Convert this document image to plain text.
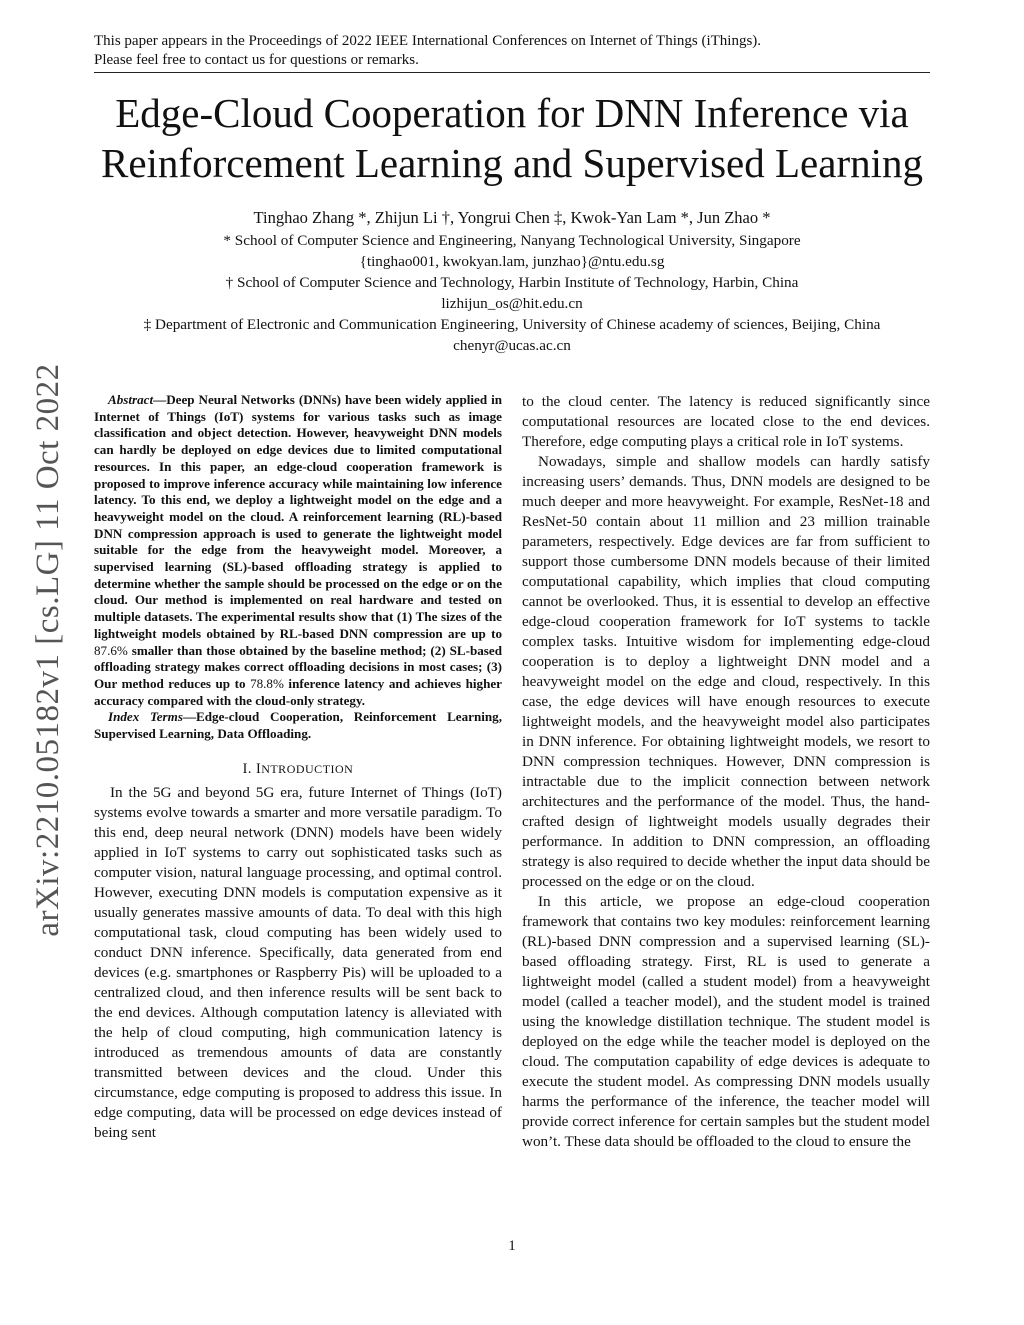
This paper appears in the Proceedings of 2022 IEEE International Conferences on Internet of Things (iThings).
Please feel free to contact us for questions or remarks.
Edge-Cloud Cooperation for DNN Inference via
Reinforcement Learning and Supervised Learning
Tinghao Zhang *, Zhijun Li †, Yongrui Chen ‡, Kwok-Yan Lam *, Jun Zhao *
* School of Computer Science and Engineering, Nanyang Technological University, Singapore
{tinghao001, kwokyan.lam, junzhao}@ntu.edu.sg
† School of Computer Science and Technology, Harbin Institute of Technology, Harbin, China
lizhijun_os@hit.edu.cn
‡ Department of Electronic and Communication Engineering, University of Chinese academy of sciences, Beijing, China
chenyr@ucas.ac.cn
arXiv:2210.05182v1 [cs.LG] 11 Oct 2022	Abstract—Deep Neural Networks (DNNs) have been widely applied in Internet of Things (IoT) systems for various tasks such as image classification and object detection. However, heavyweight DNN models can hardly be deployed on edge devices due to limited computational resources. In this paper, an edge-cloud cooperation framework is proposed to improve inference accuracy while maintaining low inference latency. To this end, we deploy a lightweight model on the edge and a heavyweight model on the cloud. A reinforcement learning (RL)-based DNN compression approach is used to generate the lightweight model suitable for the edge from the heavyweight model. Moreover, a supervised learning (SL)-based offloading strategy is applied to determine whether the sample should be processed on the edge or on the cloud. Our method is implemented on real hardware and tested on multiple datasets. The experimental results show that (1) The sizes of the lightweight models obtained by RL-based DNN compression are up to 87.6% smaller than those obtained by the baseline method; (2) SL-based offloading strategy makes correct offloading decisions in most cases; (3) Our method reduces up to 78.8% inference latency and achieves higher accuracy compared with the cloud-only strategy.

Index Terms—Edge-cloud Cooperation, Reinforcement Learning, Supervised Learning, Data Offloading.

I. INTRODUCTION

In the 5G and beyond 5G era, future Internet of Things (IoT) systems evolve towards a smarter and more versatile paradigm. To this end, deep neural network (DNN) models have been widely applied in IoT systems to carry out sophisticated tasks such as computer vision, natural language processing, and optimal control. However, executing DNN models is computation expensive as it usually generates massive amounts of data. To deal with this high computational task, cloud computing has been widely used to conduct DNN inference. Specifically, data generated from end devices (e.g. smartphones or Raspberry Pis) will be uploaded to a centralized cloud, and then inference results will be sent back to the end devices. Although computation latency is alleviated with the help of cloud computing, high communication latency is introduced as tremendous amounts of data are constantly transmitted between devices and the cloud. Under this circumstance, edge computing is proposed to address this issue. In edge computing, data will be processed on edge devices instead of being sent

to the cloud center. The latency is reduced significantly since computational resources are located close to the end devices. Therefore, edge computing plays a critical role in IoT systems.

Nowadays, simple and shallow models can hardly satisfy increasing users’ demands. Thus, DNN models are designed to be much deeper and more heavyweight. For example, ResNet-18 and ResNet-50 contain about 11 million and 23 million trainable parameters, respectively. Edge devices are far from sufficient to support those cumbersome DNN models because of their limited computational capability, which implies that cloud computing cannot be overlooked. Thus, it is essential to develop an effective edge-cloud cooperation framework for IoT systems to tackle complex tasks. Intuitive wisdom for implementing edge-cloud cooperation is to deploy a lightweight DNN model and a heavyweight model on the edge and cloud, respectively. In this case, the edge devices will have enough resources to execute lightweight models, and the heavyweight model also participates in DNN inference. For obtaining lightweight models, we resort to DNN compression techniques. However, DNN compression is intractable due to the implicit connection between network architectures and the performance of the model. Thus, the hand-crafted design of lightweight models usually degrades their performance. In addition to DNN compression, an offloading strategy is also required to decide whether the input data should be processed on the edge or on the cloud.

In this article, we propose an edge-cloud cooperation framework that contains two key modules: reinforcement learning (RL)-based DNN compression and a supervised learning (SL)-based offloading strategy. First, RL is used to generate a lightweight model (called a student model) from a heavyweight model (called a teacher model), and the student model is trained using the knowledge distillation technique. The student model is deployed on the edge while the teacher model is deployed on the cloud. The computation capability of edge devices is adequate to execute the student model. As compressing DNN models usually harms the performance of the inference, the teacher model will provide correct inference for certain samples but the student model won’t. These data should be offloaded to the cloud to ensure the

1
